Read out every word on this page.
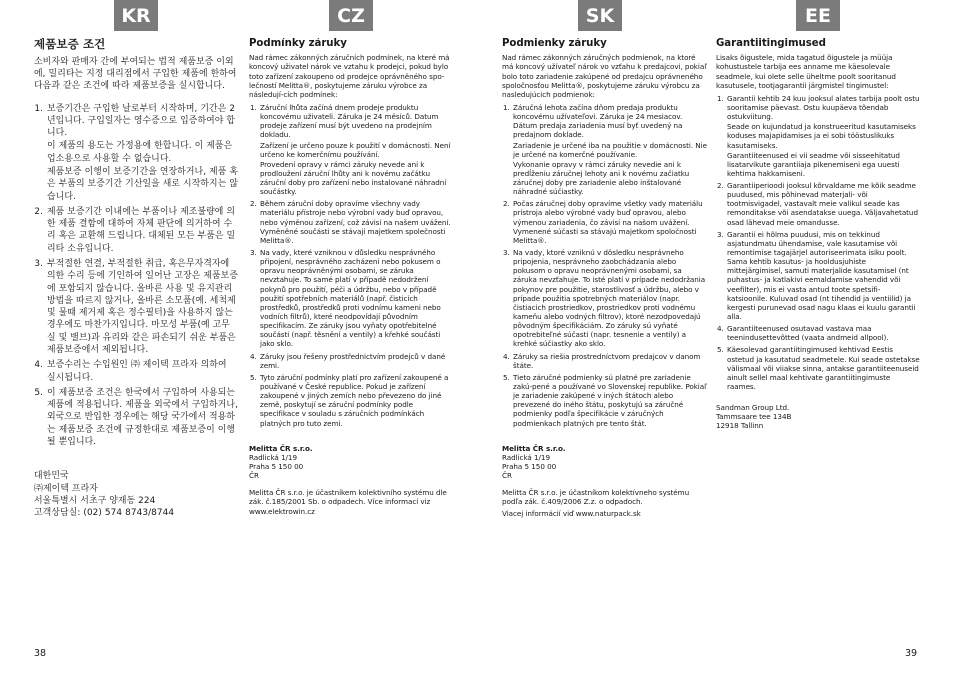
KR	CZ	SK	EE
제품보증 조건

소비자와 판매자 간에 부여되는 법적 제품보증 이외에, 밀리타는 지정 대리점에서 구입한 제품에 한하여 다음과 같은 조건에 따라 제품보증을 실시합니다.

1. 보증기간은 구입한 날로부터 시작하며, 기간은 2 년입니다. 구입일자는 영수증으로 입증하여야 합니다.
이 제품의 용도는 가정용에 한합니다. 이 제품은 업소용으로 사용할 수 없습니다.
제품보증 이행이 보증기간을 연장하거나, 제품 혹은 부품의 보증기간 기산일을 새로 시작하지는 않습니다.
2. 제품 보증기간 이내에는 부품이나 제조불량에 의한 제품 결함에 대하여 자체 판단에 의거하여 수리 혹은 교환해 드립니다. 대체된 모든 부품은 밀리타 소유입니다.
3. 부적절한 연결, 부적절한 취급, 혹은무자격자에 의한 수리 등에 기인하여 일어난 고장은 제품보증에 포함되지 않습니다. 올바른 사용 및 유지관리 방법을 따르지 않거나, 올바른 소모품(예. 세척제 및 물때 제거제 혹은 정수필터)을 사용하지 않는 경우에도 마찬가지입니다. 마모성 부품(예 고무실 및 밸브)과 유리와 같은 파손되기 쉬운 부품은 제품보증에서 제외됩니다.
4. 보증수리는 수입원인 ㈜ 제이텍 프라자 의하여 실시됩니다.
5. 이 제품보증 조건은 한국에서 구입하여 사용되는 제품에 적용됩니다. 제품을 외국에서 구입하거나, 외국으로 반입한 경우에는 해당 국가에서 적용하는 제품보증 조건에 규정한대로 제품보증이 이행될 뿐입니다.
대한민국
㈜제이텍 프라자
서울특별시 서초구 양재동 224
고객상담실: (02) 574 8743/8744
Podmínky záruky

Nad rámec zákonných záručních podmínek, na které má koncový uživatel nárok ve vztahu k prodejci, pokud bylo toto zařízení zakoupeno od prodejce oprávněného spo-lečností Melitta®, poskytujeme záruku výrobce za následují-cích podmínek:

1. Záruční lhůta začíná dnem prodeje produktu koncovému uživateli. Záruka je 24 měsíců. Datum prodeje zařízení musí být uvedeno na prodejním dokladu.
Zařízení je určeno pouze k použití v domácnosti. Není určeno ke komerčnímu používání.
Provedení opravy v rámci záruky nevede ani k prodloužení záruční lhůty ani k novému začátku záruční doby pro zařízení nebo instalované náhradní součástky.
2. Během záruční doby opravíme všechny vady materiálu přístroje nebo výrobní vady buď opravou, nebo výměnou zařízení, což závisí na našem uvážení. Vyměněné součásti se stávají majetkem společnosti Melitta®.
3. Na vady, které vzniknou v důsledku nesprávného připojení, nesprávného zacházení nebo pokusem o opravu neoprávněnými osobami, se záruka nevztahuje. To samé platí v případě nedodržení pokynů pro použití, péči a údržbu, nebo v případě použití spotřebních materiálů (např. čisticích prostředků, prostředků proti vodnímu kameni nebo vodních filtrů), které neodpovídají původním specifikacím. Ze záruky jsou vyňaty opotřebitelné součásti (např. těsnění a ventily) a křehké součásti jako sklo.
4. Záruky jsou řešeny prostřednictvím prodejců v dané zemi.
5. Tyto záruční podmínky platí pro zařízení zakoupené a používané v České republice. Pokud je zařízení zakoupené v jiných zemích nebo převezeno do jiné země, poskytují se záruční podmínky podle specifikace v souladu s záručních podmínkách platných pro tuto zemi.
Melitta ČR s.r.o.
Radlická 1/19
Praha 5 150 00
ČR

Melitta ČR s.r.o. je účastníkem kolektivního systému dle zák. č.185/2001 Sb. o odpadech. Více informací viz www.elektrowin.cz

Podmienky záruky

Nad rámec zákonných záručných podmienok, na ktoré má koncový užívateľ nárok vo vzťahu k predajcovi, pokiaľ bolo toto zariadenie zakúpené od predajcu oprávneného spoločnosťou Melitta®, poskytujeme záruku výrobcu za nasledujúcich podmienok:

1. Záručná lehota začína dňom predaja produktu koncovému užívateľovi. Záruka je 24 mesiacov. Dátum predaja zariadenia musí byť uvedený na predajnom doklade.
Zariadenie je určené iba na použitie v domácnosti. Nie je určené na komerčné používanie.
Vykonanie opravy v rámci záruky nevedie ani k predĺženiu záručnej lehoty ani k novému začiatku záručnej doby pre zariadenie alebo inštalované náhradné súčiastky.
2. Počas záručnej doby opravíme všetky vady materiálu prístroja alebo výrobné vady buď opravou, alebo výmenou zariadenia, čo závisí na našom uvážení. Vymenené súčasti sa stávajú majetkom spoločnosti Melitta®.
3. Na vady, ktoré vzniknú v dôsledku nesprávneho pripojenia, nesprávneho zaobchádzania alebo pokusom o opravu neoprávnenými osobami, sa záruka nevzťahuje. To isté platí v prípade nedodržania pokynov pre použitie, starostlivosť a údržbu, alebo v prípade použitia spotrebných materiálov (napr. čistiacich prostriedkov, prostriedkov proti vodnému kameňu alebo vodných filtrov), ktoré nezodpovedajú pôvodným špecifikáciám. Zo záruky sú vyňaté opotrebiteľné súčasti (napr. tesnenie a ventily) a krehké súčiastky ako sklo.
4. Záruky sa riešia prostredníctvom predajcov v danom štáte.
5. Tieto záručné podmienky sú platné pre zariadenie zakú-pené a používané vo Slovenskej republike. Pokiaľ je zariadenie zakúpené v iných štátoch alebo prevezené do iného štátu, poskytujú sa záručné podmienky podľa špecifikácie v záručných podmienkach platných pre tento štát.
Melitta ČR s.r.o.
Radlická 1/19
Praha 5 150 00
ČR

Melitta ČR s.r.o. je účastníkom kolektívneho systému podľa zák. č.409/2006 Z.z. o odpadoch.

Viacej informácií viď www.naturpack.sk

Garantiitingimused

Lisaks õigustele, mida tagatud õigustele ja müüja kohustustele tarbija ees anname me käesolevale seadmele, kui olete selle üheltme poolt sooritanud kasutusele, tootjagarantii järgmistel tingimustel:

1. Garantii kehtib 24 kuu jooksul alates tarbija poolt ostu sooritamise päevast. Ostu kuupäeva tõendab ostukviitung.
Seade on kujundatud ja konstrueeritud kasutamiseks koduses majapidamises ja ei sobi tööstuslikuks kasutamiseks.
Garantiiteenused ei vii seadme või sisseehitatud lisatarvikute garantiiaja pikenemiseni ega uuesti kehtima hakkamiseni.
2. Garantiiperioodi jooksul kõrvaldame me kõik seadme puudused, mis põhinevad materjali- või tootmisvigadel, vastavalt meie valikul seade kas remonditakse või asendatakse uuega. Väljavahetatud osad lähevad meie omandusse.
3. Garantii ei hõlma puudusi, mis on tekkinud asjatundmatu ühendamise, vale kasutamise või remontimise tagajärjel autoriseerimata isiku poolt. Sama kehtib kasutus- ja hooldusjuhiste mittejärgimisel, samuti materjalide kasutamisel (nt puhastus- ja katlakivi eemaldamise vahendid või veefilter), mis ei vasta antud toote spetsifi-katsioonile. Kuluvad osad (nt tihendid ja ventiilid) ja kergesti purunevad osad nagu klaas ei kuulu garantii alla.
4. Garantiiteenused osutavad vastava maa teenindusettevõtted (vaata andmeid allpool).
5. Käesolevad garantiitingimused kehtivad Eestis ostetud ja kasutatud seadmetele. Kui seade ostetakse välismaal või viiakse sinna, antakse garantiiteenuseid ainult sellel maal kehtivate garantiitingimuste raames.
Sandman Group Ltd.
Tammsaare tee 134B
12918 Tallinn
38	39
